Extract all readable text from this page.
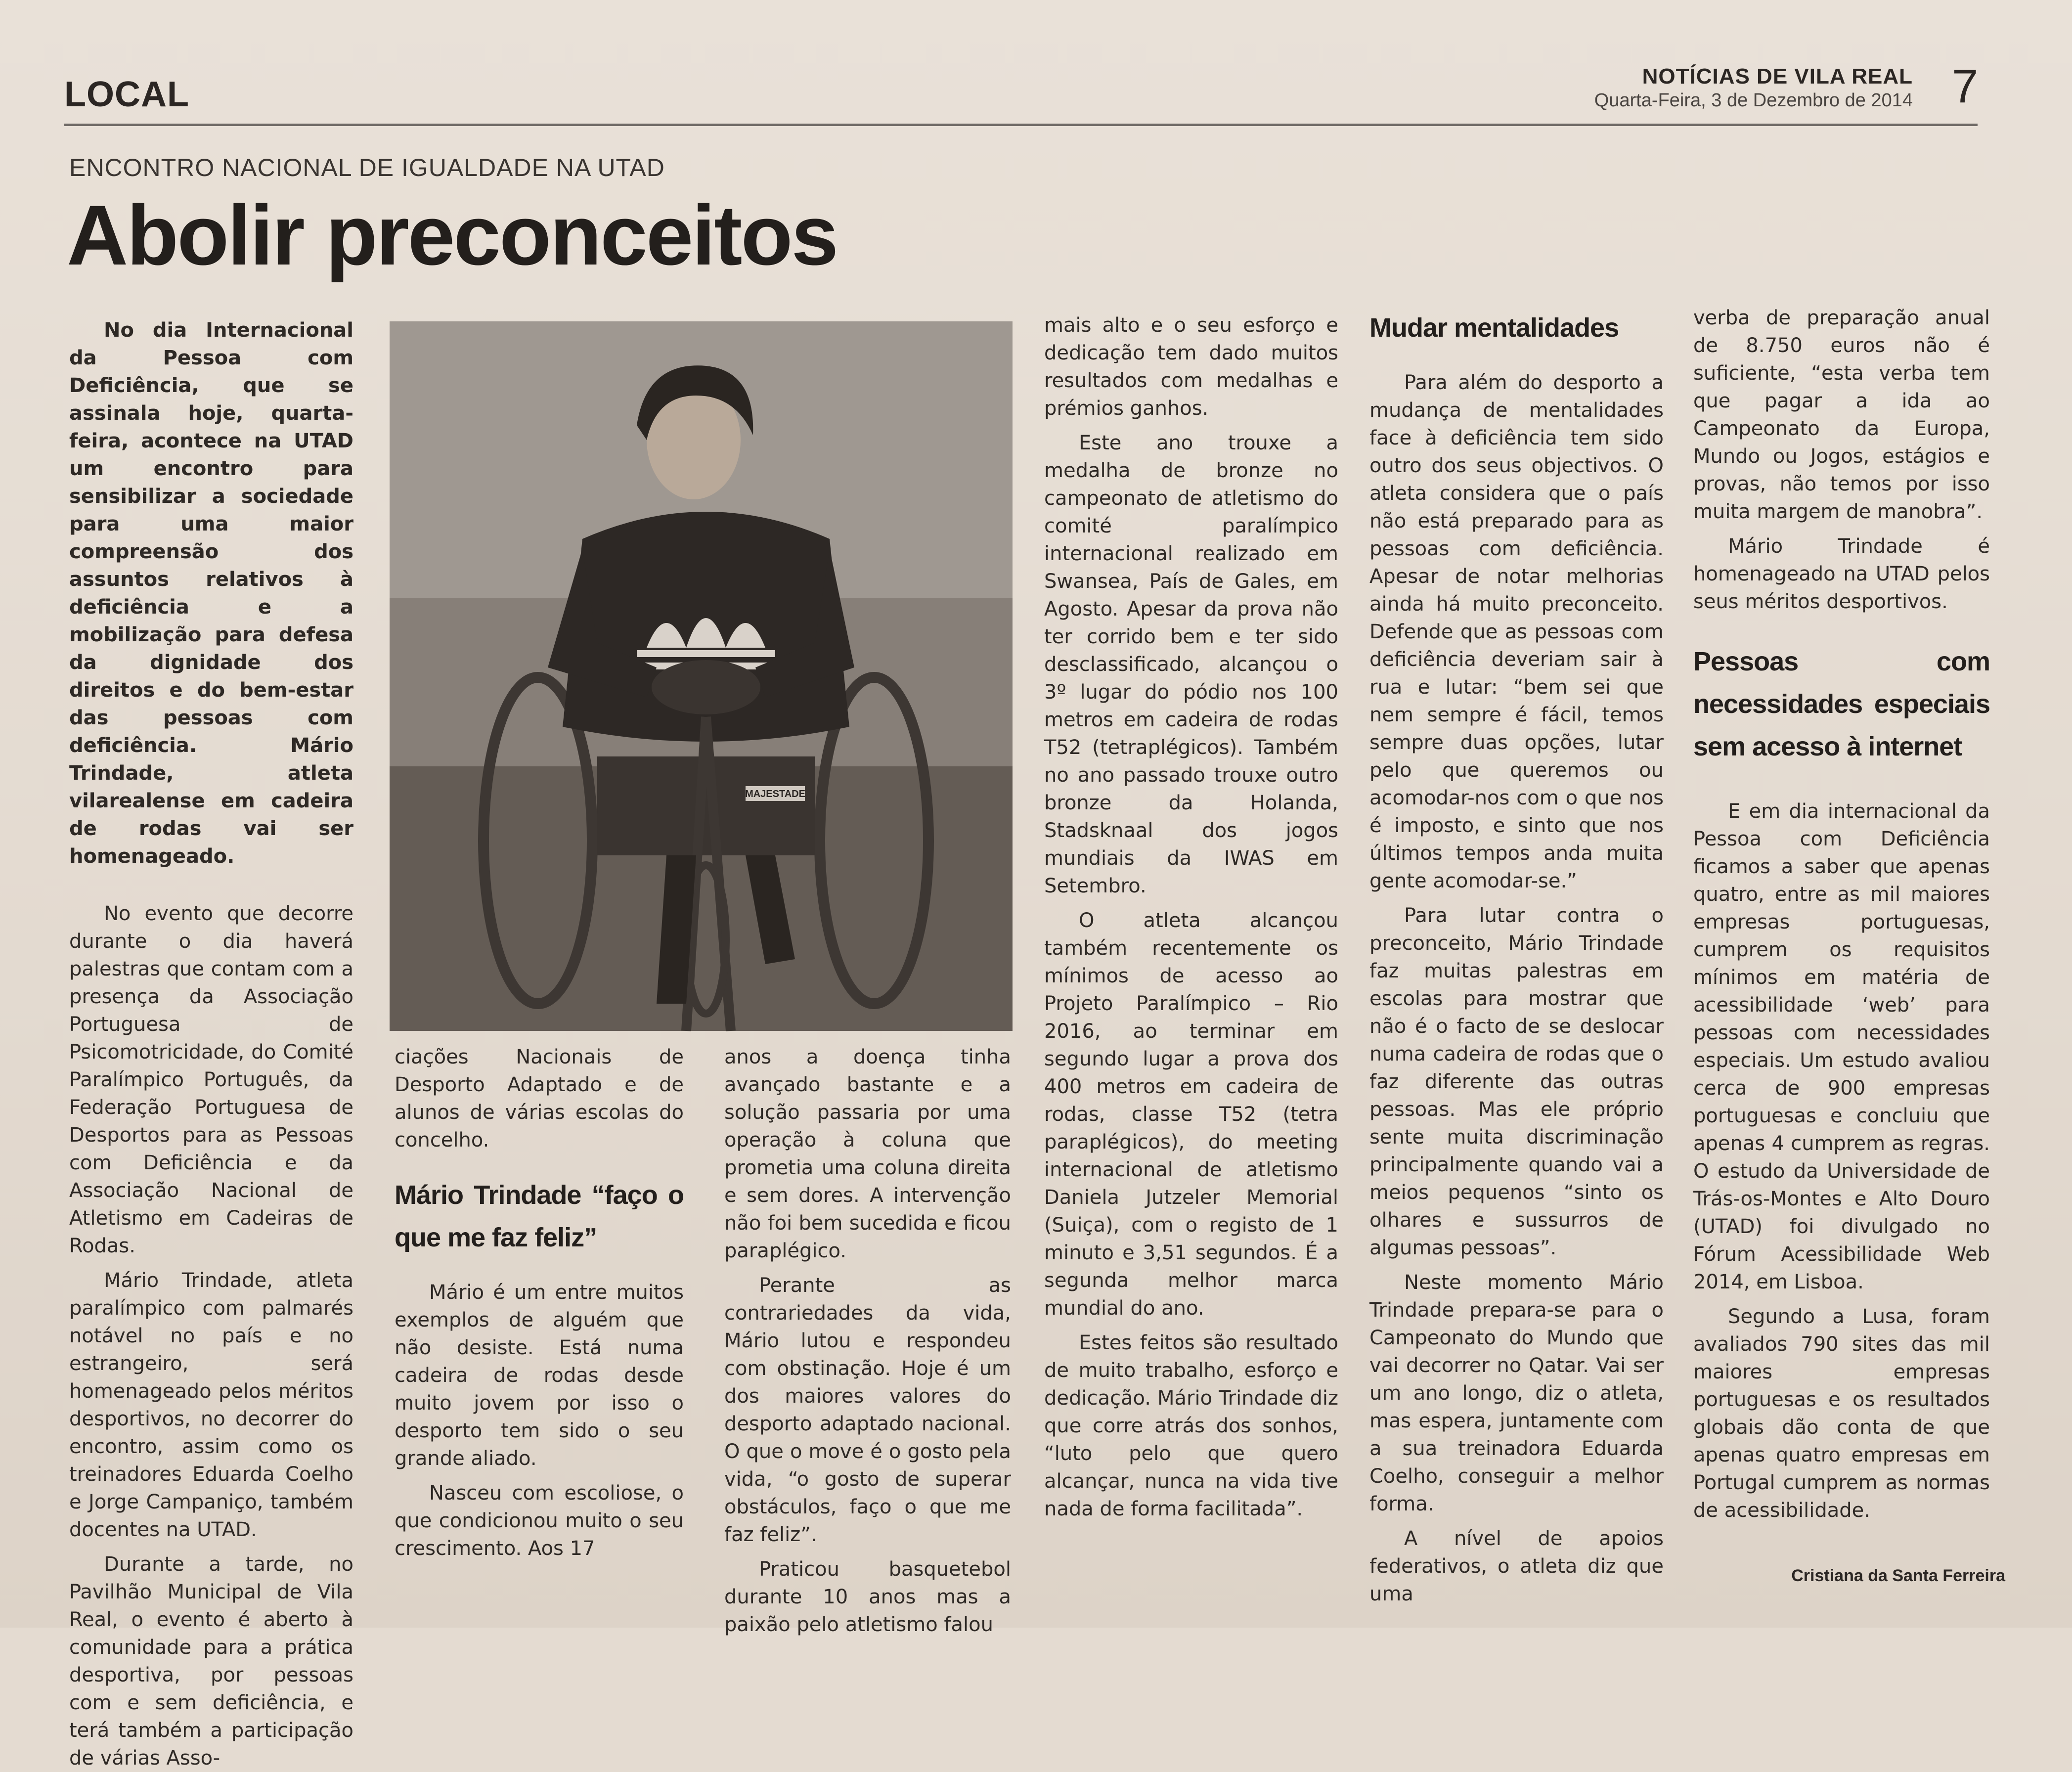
LOCAL	NOTÍCIAS DE VILA REAL
Quarta-Feira, 3 de Dezembro de 2014 7
ENCONTRO NACIONAL DE IGUALDADE NA UTAD
Abolir preconceitos

No dia Internacional da Pessoa com Deficiência, que se assinala hoje, quarta-feira, acontece na UTAD um encontro para sensibilizar a sociedade para uma maior compreensão dos assuntos relativos à deficiência e a mobilização para defesa da dignidade dos direitos e do bem-estar das pessoas com deficiência. Mário Trindade, atleta vilarealense em cadeira de rodas vai ser homenageado.

No evento que decorre durante o dia haverá palestras que contam com a presença da Associação Portuguesa de Psicomotricidade, do Comité Paralímpico Português, da Federação Portuguesa de Desportos para as Pessoas com Deficiência e da Associação Nacional de Atletismo em Cadeiras de Rodas.

Mário Trindade, atleta paralímpico com palmarés notável no país e no estrangeiro, será homenageado pelos méritos desportivos, no decorrer do encontro, assim como os treinadores Eduarda Coelho e Jorge Campaniço, também docentes na UTAD.

Durante a tarde, no Pavilhão Municipal de Vila Real, o evento é aberto à comunidade para a prática desportiva, por pessoas com e sem deficiência, e terá também a participação de várias Asso-

MAJESTADE

ciações Nacionais de Desporto Adaptado e de alunos de várias escolas do concelho.

Mário Trindade “faço o que me faz feliz”

Mário é um entre muitos exemplos de alguém que não desiste. Está numa cadeira de rodas desde muito jovem por isso o desporto tem sido o seu grande aliado.

Nasceu com escoliose, o que condicionou muito o seu crescimento. Aos 17

anos a doença tinha avançado bastante e a solução passaria por uma operação à coluna que prometia uma coluna direita e sem dores. A intervenção não foi bem sucedida e ficou paraplégico.

Perante as contrariedades da vida, Mário lutou e respondeu com obstinação. Hoje é um dos maiores valores do desporto adaptado nacional. O que o move é o gosto pela vida, “o gosto de superar obstáculos, faço o que me faz feliz”.

Praticou basquetebol durante 10 anos mas a paixão pelo atletismo falou

mais alto e o seu esforço e dedicação tem dado muitos resultados com medalhas e prémios ganhos.

Este ano trouxe a medalha de bronze no campeonato de atletismo do comité paralímpico internacional realizado em Swansea, País de Gales, em Agosto. Apesar da prova não ter corrido bem e ter sido desclassificado, alcançou o 3º lugar do pódio nos 100 metros em cadeira de rodas T52 (tetraplégicos). Também no ano passado trouxe outro bronze da Holanda, Stadsknaal dos jogos mundiais da IWAS em Setembro.

O atleta alcançou também recentemente os mínimos de acesso ao Projeto Paralímpico – Rio 2016, ao terminar em segundo lugar a prova dos 400 metros em cadeira de rodas, classe T52 (tetra paraplégicos), do meeting internacional de atletismo Daniela Jutzeler Memorial (Suiça), com o registo de 1 minuto e 3,51 segundos. É a segunda melhor marca mundial do ano.

Estes feitos são resultado de muito trabalho, esforço e dedicação. Mário Trindade diz que corre atrás dos sonhos, “luto pelo que quero alcançar, nunca na vida tive nada de forma facilitada”.

Mudar mentalidades

Para além do desporto a mudança de mentalidades face à deficiência tem sido outro dos seus objectivos. O atleta considera que o país não está preparado para as pessoas com deficiência. Apesar de notar melhorias ainda há muito preconceito. Defende que as pessoas com deficiência deveriam sair à rua e lutar: “bem sei que nem sempre é fácil, temos sempre duas opções, lutar pelo que queremos ou acomodar-nos com o que nos é imposto, e sinto que nos últimos tempos anda muita gente acomodar-se.”

Para lutar contra o preconceito, Mário Trindade faz muitas palestras em escolas para mostrar que não é o facto de se deslocar numa cadeira de rodas que o faz diferente das outras pessoas. Mas ele próprio sente muita discriminação principalmente quando vai a meios pequenos “sinto os olhares e sussurros de algumas pessoas”.

Neste momento Mário Trindade prepara-se para o Campeonato do Mundo que vai decorrer no Qatar. Vai ser um ano longo, diz o atleta, mas espera, juntamente com a sua treinadora Eduarda Coelho, conseguir a melhor forma.

A nível de apoios federativos, o atleta diz que uma

verba de preparação anual de 8.750 euros não é suficiente, “esta verba tem que pagar a ida ao Campeonato da Europa, Mundo ou Jogos, estágios e provas, não temos por isso muita margem de manobra”.

Mário Trindade é homenageado na UTAD pelos seus méritos desportivos.

Pessoas com necessidades especiais sem acesso à internet

E em dia internacional da Pessoa com Deficiência ficamos a saber que apenas quatro, entre as mil maiores empresas portuguesas, cumprem os requisitos mínimos em matéria de acessibilidade ‘web’ para pessoas com necessidades especiais. Um estudo avaliou cerca de 900 empresas portuguesas e concluiu que apenas 4 cumprem as regras. O estudo da Universidade de Trás-os-Montes e Alto Douro (UTAD) foi divulgado no Fórum Acessibilidade Web 2014, em Lisboa.

Segundo a Lusa, foram avaliados 790 sites das mil maiores empresas portuguesas e os resultados globais dão conta de que apenas quatro empresas em Portugal cumprem as normas de acessibilidade.

Cristiana da Santa Ferreira
